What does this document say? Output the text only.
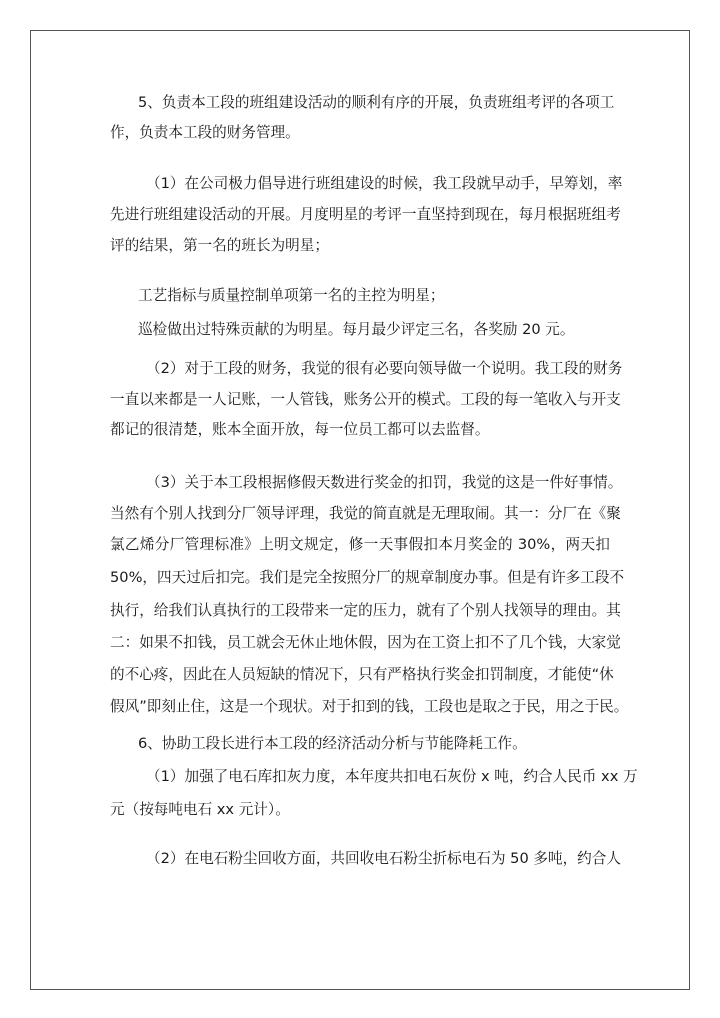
5、负责本工段的班组建设活动的顺利有序的开展，负责班组考评的各项工
作，负责本工段的财务管理。
（1）在公司极力倡导进行班组建设的时候，我工段就早动手，早筹划，率
先进行班组建设活动的开展。月度明星的考评一直坚持到现在，每月根据班组考
评的结果，第一名的班长为明星；
工艺指标与质量控制单项第一名的主控为明星；
巡检做出过特殊贡献的为明星。每月最少评定三名，各奖励 20 元。
（2）对于工段的财务，我觉的很有必要向领导做一个说明。我工段的财务
一直以来都是一人记账，一人管钱，账务公开的模式。工段的每一笔收入与开支
都记的很清楚，账本全面开放，每一位员工都可以去监督。
（3）关于本工段根据修假天数进行奖金的扣罚，我觉的这是一件好事情。
当然有个别人找到分厂领导评理，我觉的简直就是无理取闹。其一：分厂在《聚
氯乙烯分厂管理标准》上明文规定，修一天事假扣本月奖金的 30%，两天扣
50%，四天过后扣完。我们是完全按照分厂的规章制度办事。但是有许多工段不
执行，给我们认真执行的工段带来一定的压力，就有了个别人找领导的理由。其
二：如果不扣钱，员工就会无休止地休假，因为在工资上扣不了几个钱，大家觉
的不心疼，因此在人员短缺的情况下，只有严格执行奖金扣罚制度，才能使“休
假风”即刻止住，这是一个现状。对于扣到的钱，工段也是取之于民，用之于民。
6、协助工段长进行本工段的经济活动分析与节能降耗工作。
（1）加强了电石库扣灰力度，本年度共扣电石灰份 x 吨，约合人民币 xx 万
元（按每吨电石 xx 元计）。
（2）在电石粉尘回收方面，共回收电石粉尘折标电石为 50 多吨，约合人
